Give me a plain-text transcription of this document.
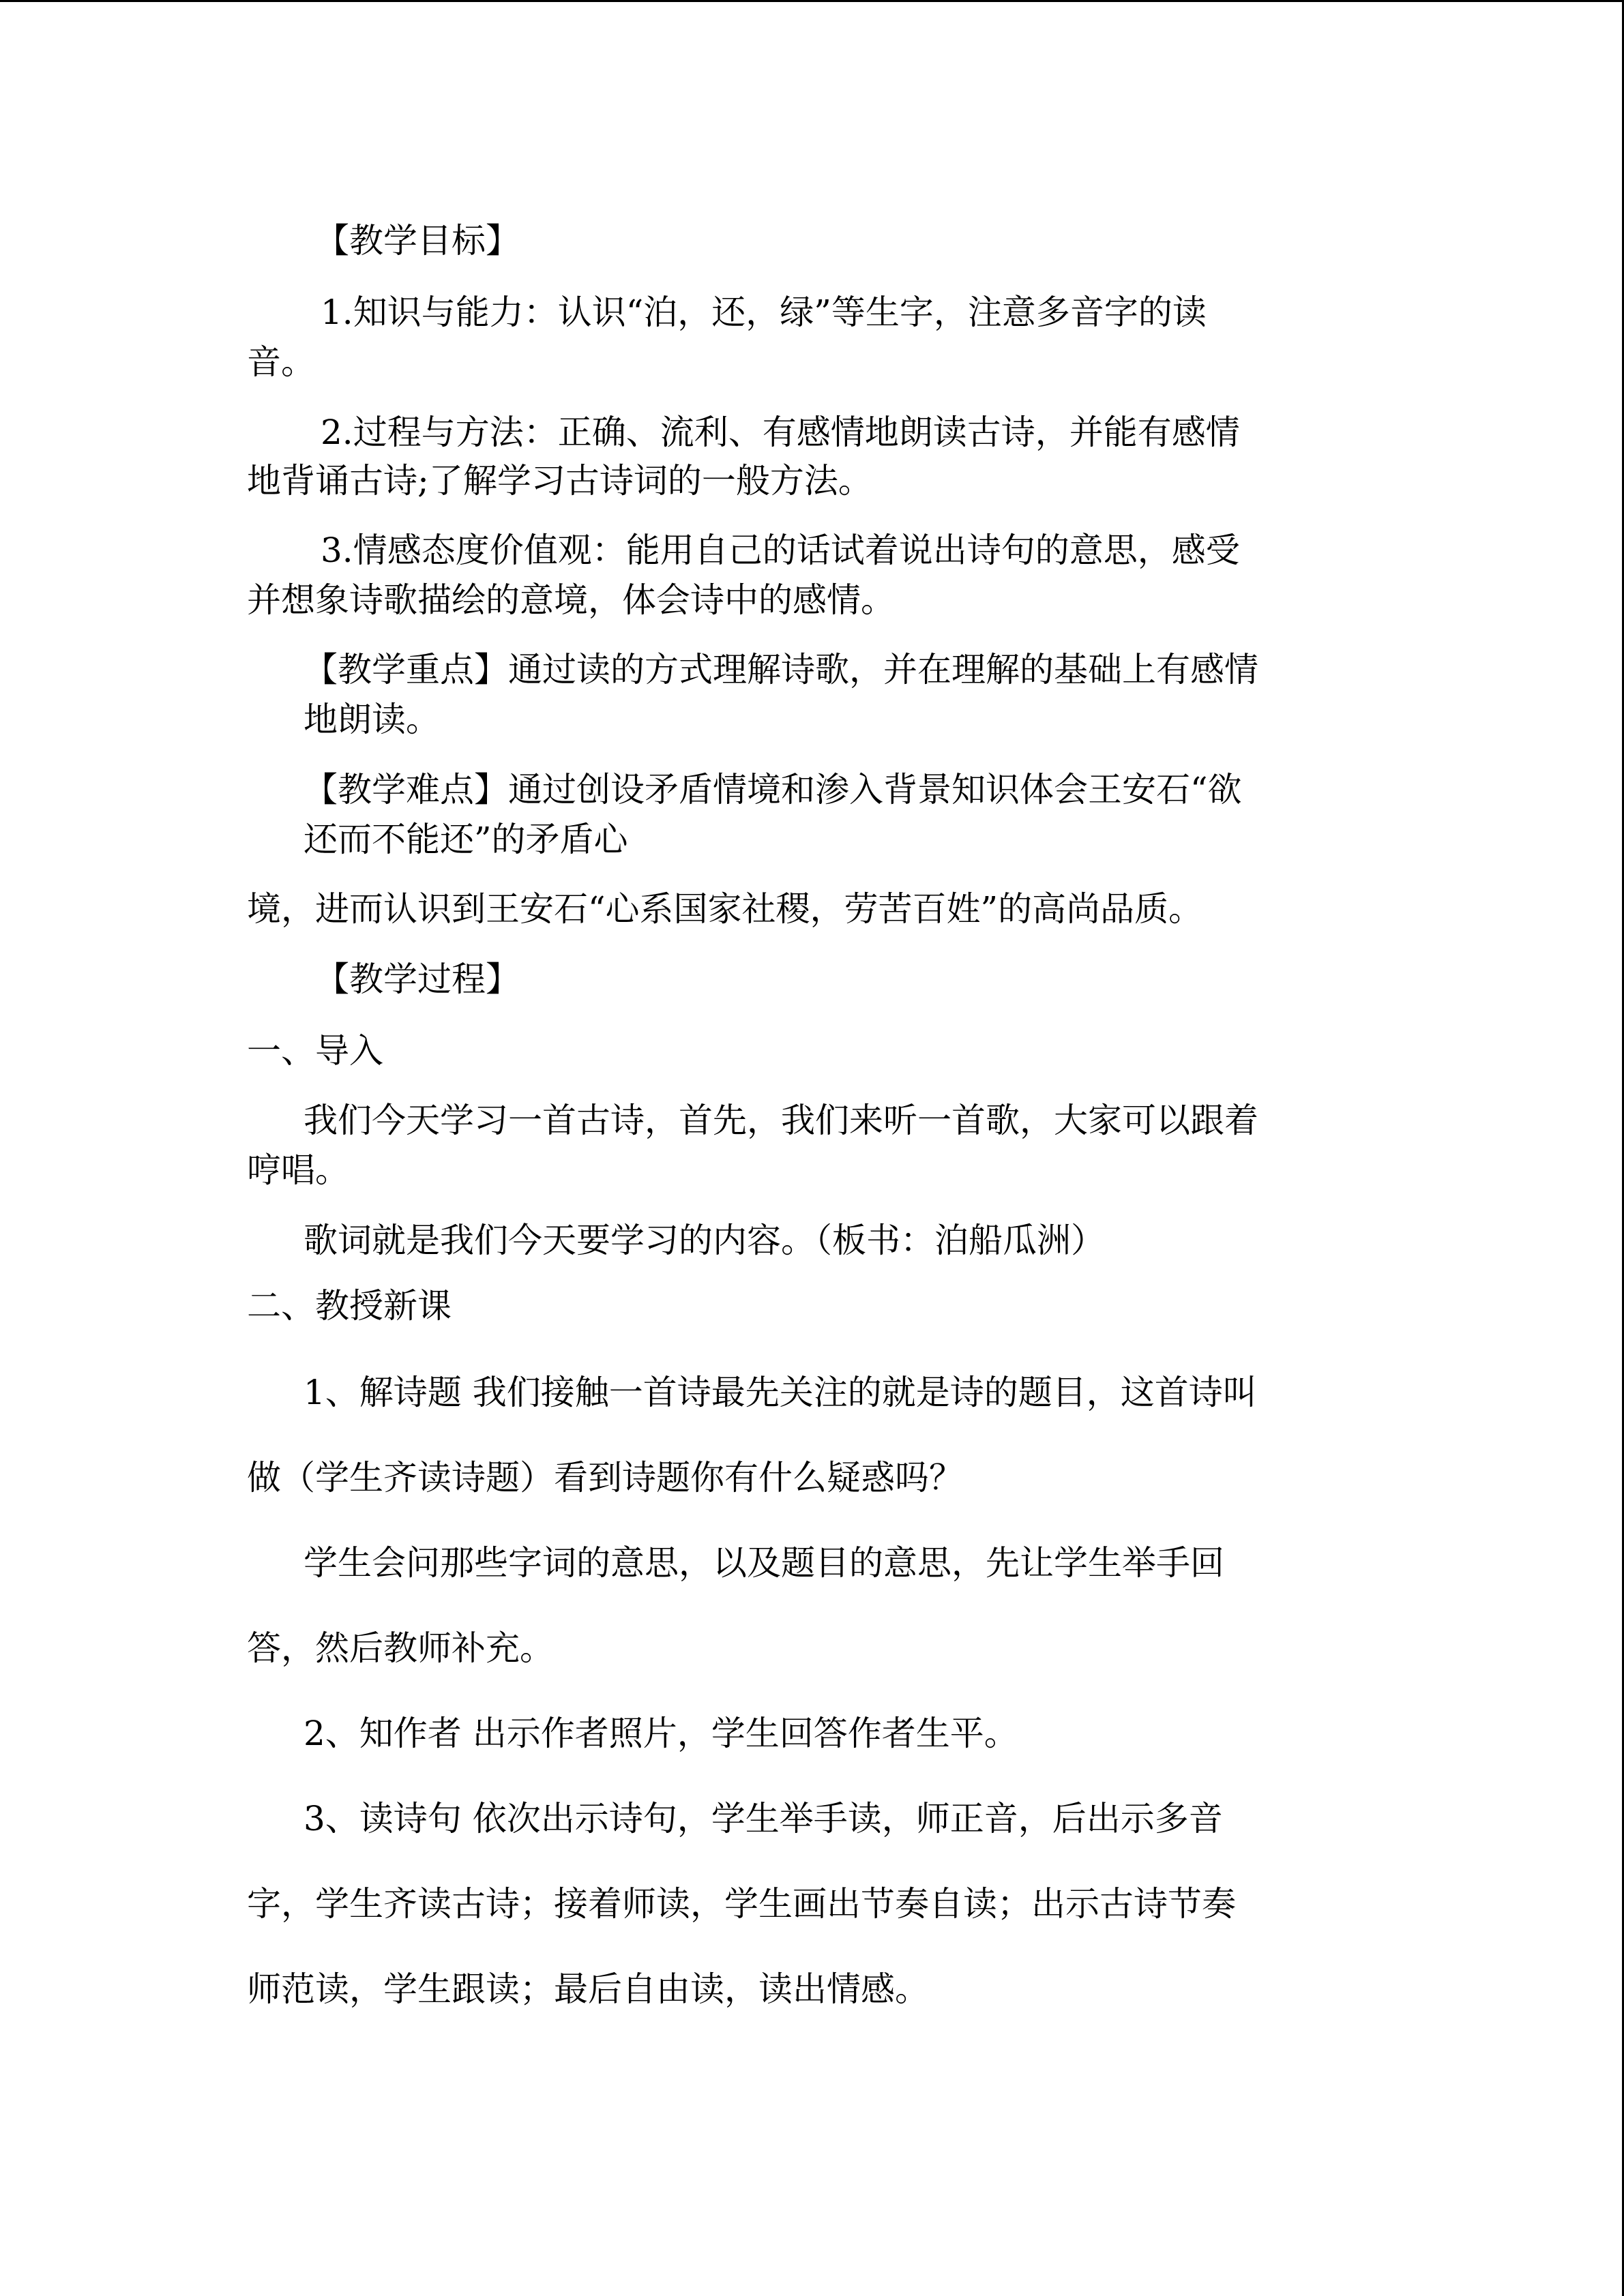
【教学目标】
1.知识与能力：认识“泊，还，绿”等生字，注意多音字的读
音。
2.过程与方法：正确、流利、有感情地朗读古诗，并能有感情
地背诵古诗;了解学习古诗词的一般方法。
3.情感态度价值观：能用自己的话试着说出诗句的意思，感受
并想象诗歌描绘的意境，体会诗中的感情。
【教学重点】通过读的方式理解诗歌，并在理解的基础上有感情
地朗读。
【教学难点】通过创设矛盾情境和渗入背景知识体会王安石“欲
还而不能还”的矛盾心
境，进而认识到王安石“心系国家社稷，劳苦百姓”的高尚品质。
【教学过程】
一、导入
我们今天学习一首古诗，首先，我们来听一首歌，大家可以跟着
哼唱。
歌词就是我们今天要学习的内容。（板书：泊船瓜洲）
二、教授新课
1、解诗题 我们接触一首诗最先关注的就是诗的题目，这首诗叫
做（学生齐读诗题）看到诗题你有什么疑惑吗？
学生会问那些字词的意思，以及题目的意思，先让学生举手回
答，然后教师补充。
2、知作者 出示作者照片，学生回答作者生平。
3、读诗句 依次出示诗句，学生举手读，师正音，后出示多音
字，学生齐读古诗；接着师读，学生画出节奏自读；出示古诗节奏
师范读，学生跟读；最后自由读，读出情感。
